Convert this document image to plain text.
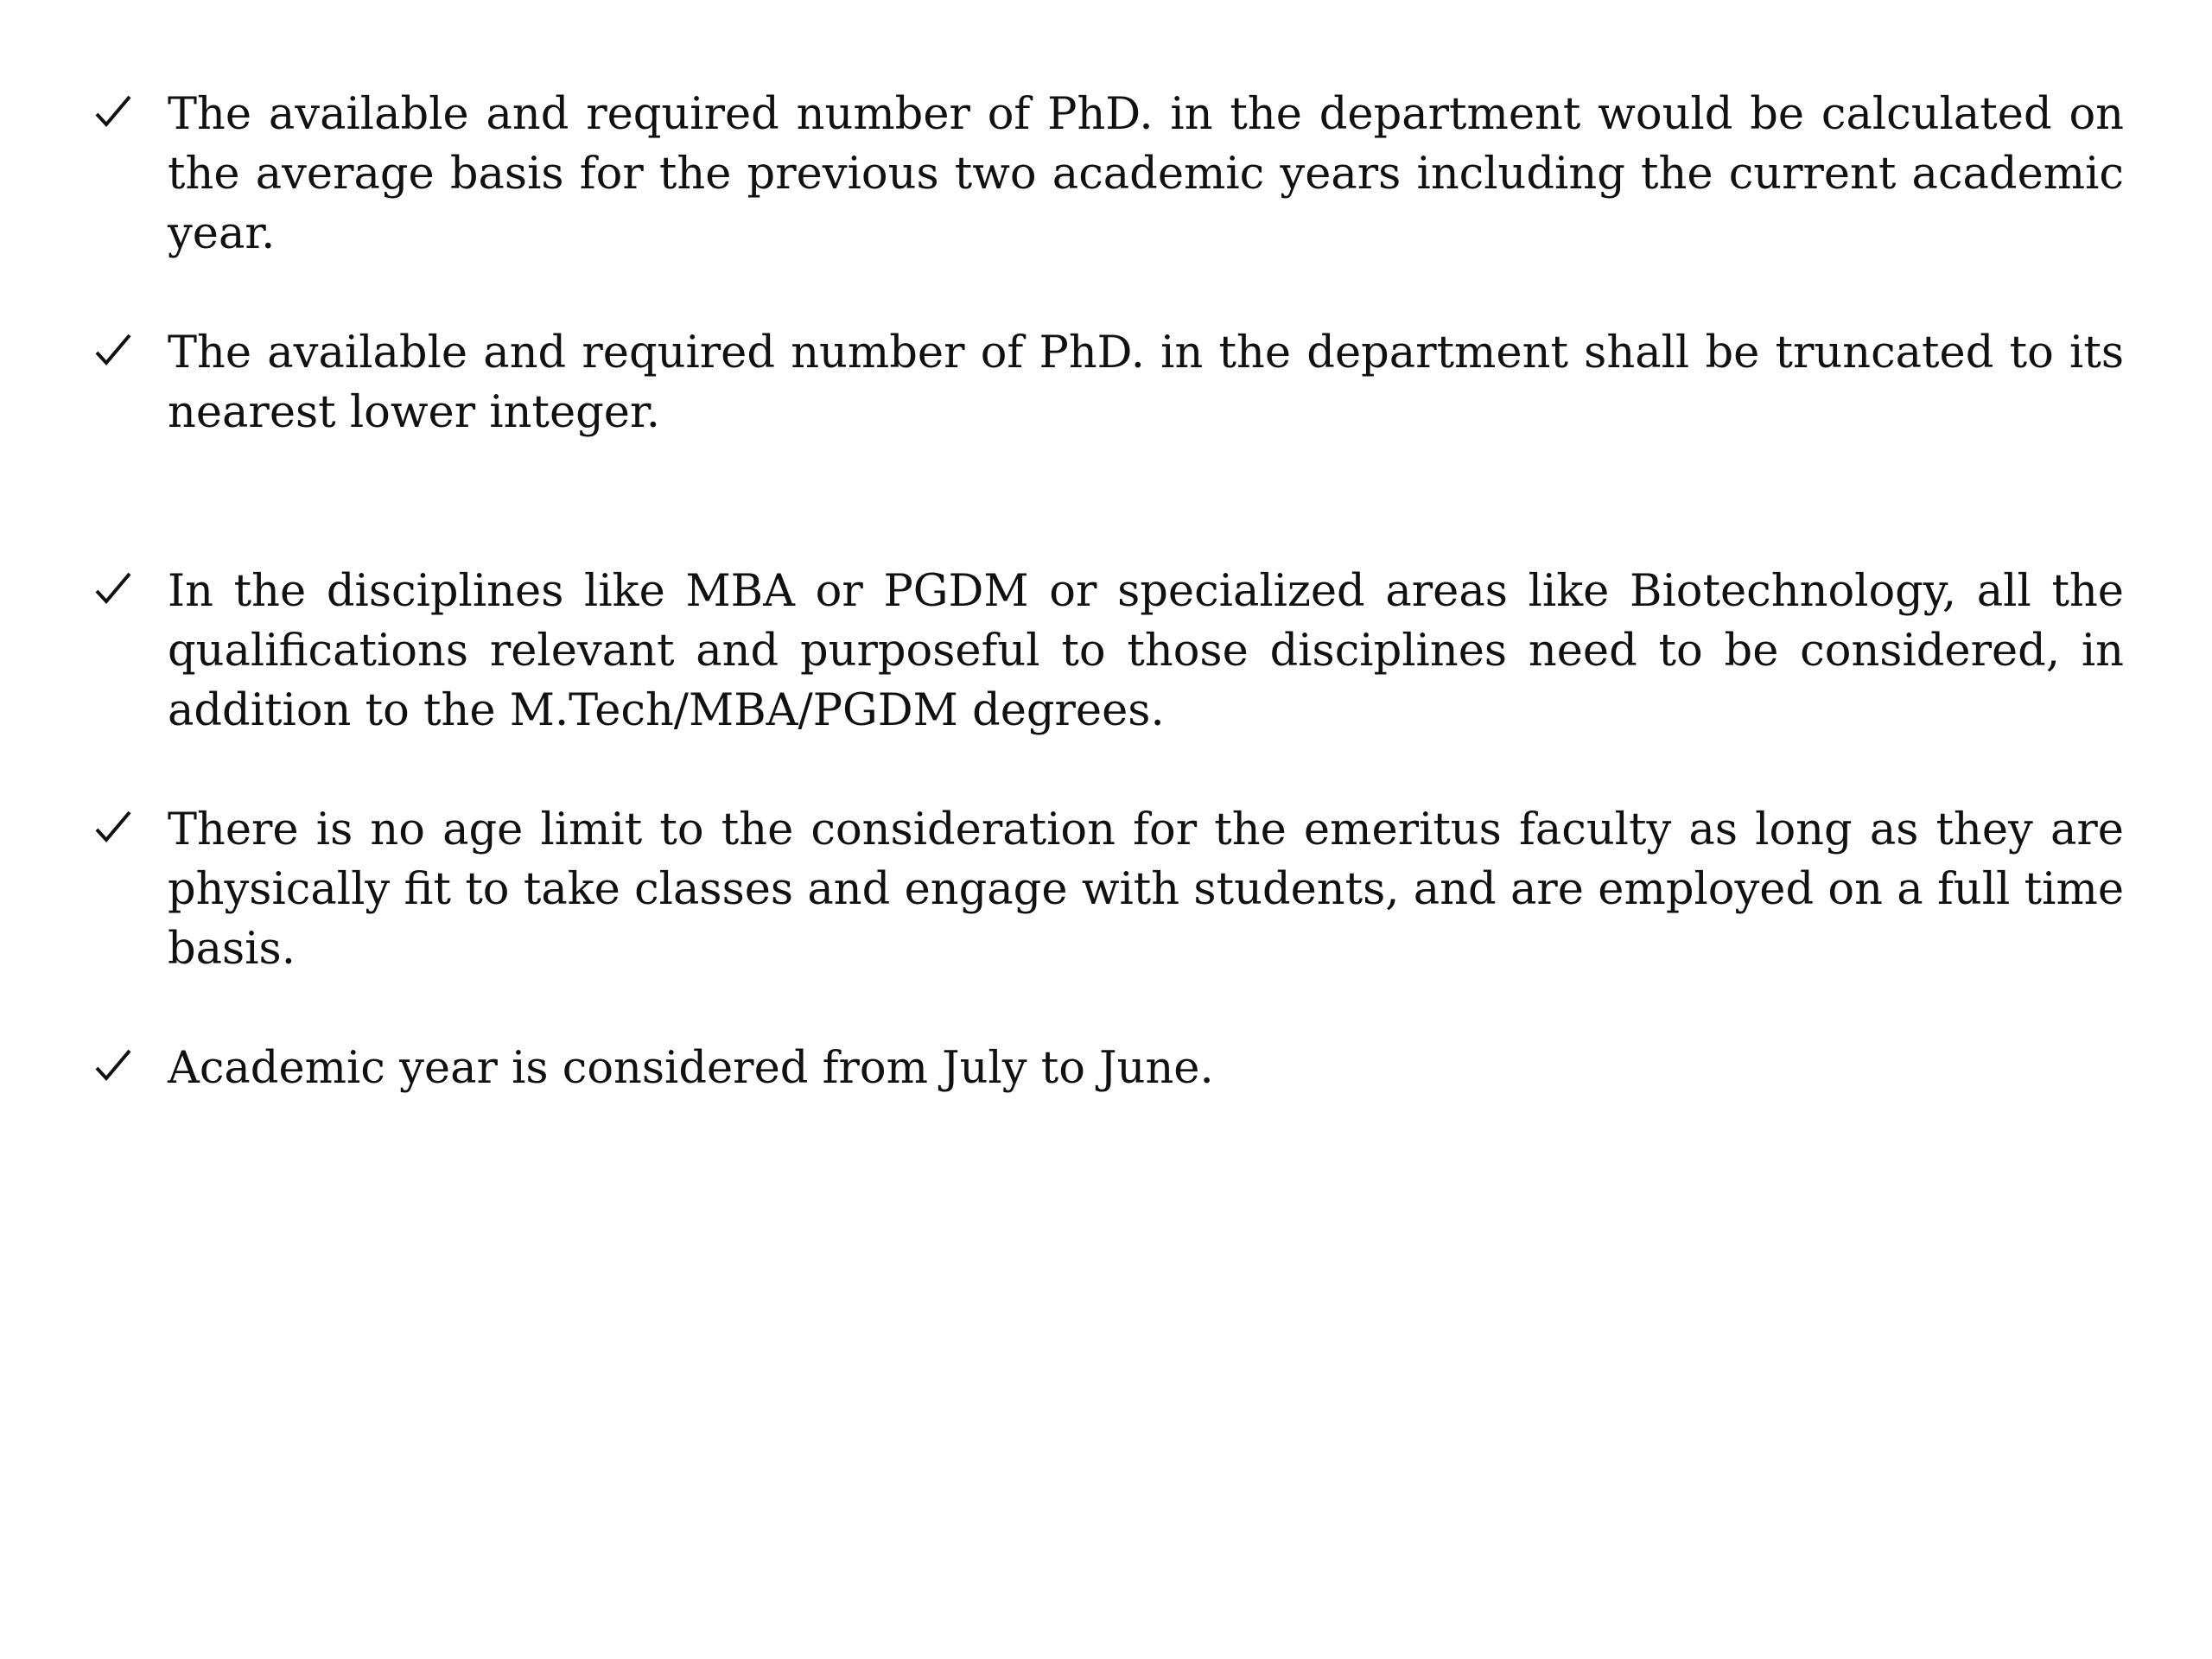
The available and required number of PhD. in the department would be calculated on the average basis for the previous two academic years including the current academic year.
The available and required number of PhD. in the department shall be truncated to its nearest lower integer.
In the disciplines like MBA or PGDM or specialized areas like Biotechnology, all the qualifications relevant and purposeful to those disciplines need to be considered, in addition to the M.Tech/MBA/PGDM degrees.
There is no age limit to the consideration for the emeritus faculty as long as they are physically fit to take classes and engage with students, and are employed on a full time basis.
Academic year is considered from July to June.
